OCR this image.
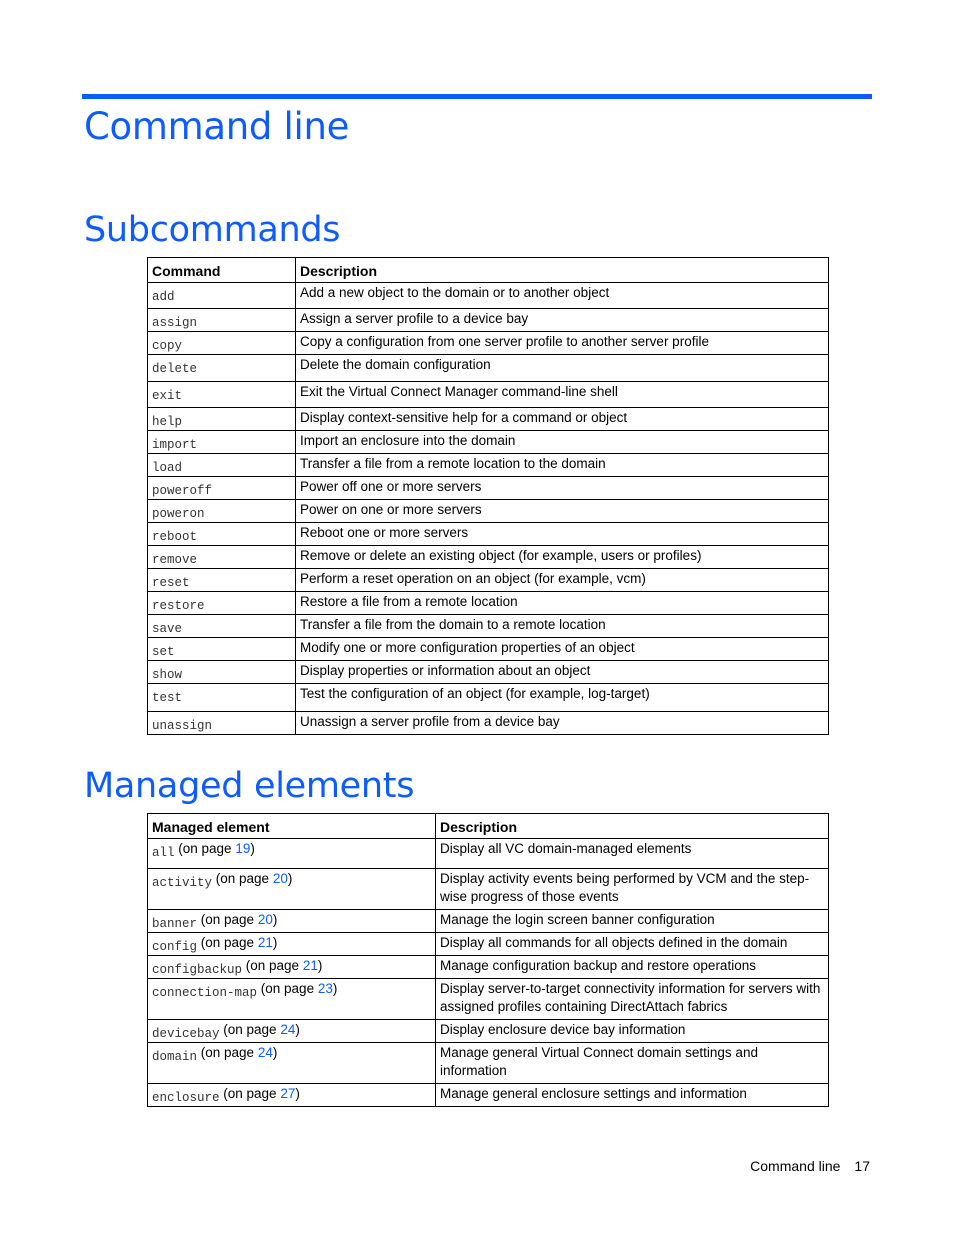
Command line
Subcommands
Command	Description
add	Add a new object to the domain or to another object
assign	Assign a server profile to a device bay
copy	Copy a configuration from one server profile to another server profile
delete	Delete the domain configuration
exit	Exit the Virtual Connect Manager command-line shell
help	Display context-sensitive help for a command or object
import	Import an enclosure into the domain
load	Transfer a file from a remote location to the domain
poweroff	Power off one or more servers
poweron	Power on one or more servers
reboot	Reboot one or more servers
remove	Remove or delete an existing object (for example, users or profiles)
reset	Perform a reset operation on an object (for example, vcm)
restore	Restore a file from a remote location
save	Transfer a file from the domain to a remote location
set	Modify one or more configuration properties of an object
show	Display properties or information about an object
test	Test the configuration of an object (for example, log-target)
unassign	Unassign a server profile from a device bay
Managed elements
Managed element	Description
all (on page 19)	Display all VC domain-managed elements
activity (on page 20)	Display activity events being performed by VCM and the step-wise progress of those events
banner (on page 20)	Manage the login screen banner configuration
config (on page 21)	Display all commands for all objects defined in the domain
configbackup (on page 21)	Manage configuration backup and restore operations
connection-map (on page 23)	Display server-to-target connectivity information for servers with assigned profiles containing DirectAttach fabrics
devicebay (on page 24)	Display enclosure device bay information
domain (on page 24)	Manage general Virtual Connect domain settings and information
enclosure (on page 27)	Manage general enclosure settings and information
Command line 17
